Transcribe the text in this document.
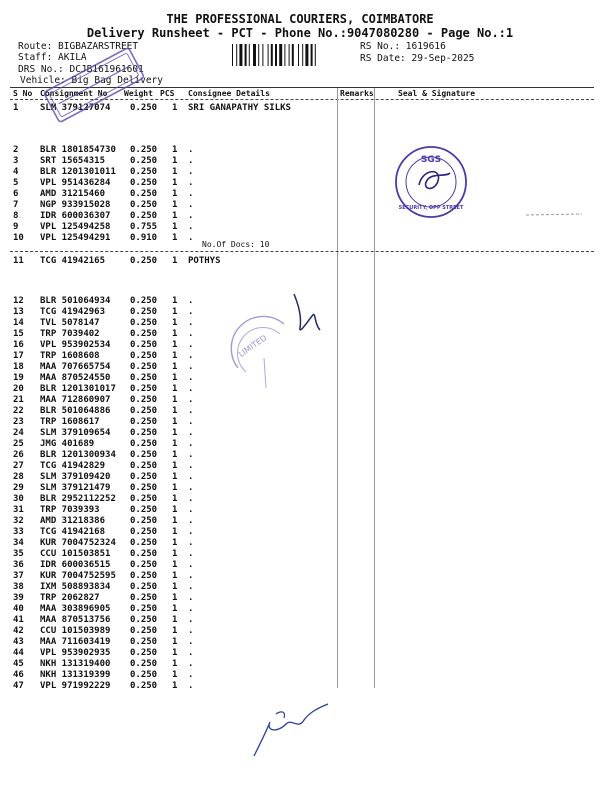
THE PROFESSIONAL COURIERS, COIMBATORE
Delivery Runsheet - PCT - Phone No.:9047080280 - Page No.:1
Route: BIGBAZARSTREET
Staff: AKILA
DRS No.: DCJB161961601
Vehicle: Big Bag Delivery
RS No.: 1619616
RS Date: 29-Sep-2025
S No Consignment No Weight PCS Consignee Details	Remarks	Seal & Signature
1 SLM 379127074 0.250 1 SRI GANAPATHY SILKS
2 BLR 1801854730 0.250 1 .
3 SRT 15654315	0.250 1 .
4 BLR 1201301011 0.250 1 .
5 VPL 951436284 0.250 1 .
6 AMD 31215460	0.250 1 .
7 NGP 933915028 0.250 1 .
8 IDR 600036307 0.250 1 .
9 VPL 125494258 0.755 1 .
10 VPL 125494291 0.910 1 .
11 TCG 41942165	0.250 1 POTHYS
12 BLR 501064934 0.250 1 .
13 TCG 41942963	0.250 1 .
14 TVL 5078147	0.250 1 .
15 TRP 7039402	0.250 1 .
16 VPL 953902534 0.250 1 .
17 TRP 1608608	0.250 1 .
18 MAA 707665754 0.250 1 .
19 MAA 870524550 0.250 1 .
20 BLR 1201301017 0.250 1 .
21 MAA 712860907 0.250 1 .
22 BLR 501064886 0.250 1 .
23 TRP 1608617	0.250 1 .
24 SLM 379109654 0.250 1 .
25 JMG 401689	0.250 1 .
26 BLR 1201300934 0.250 1 .
27 TCG 41942829	0.250 1 .
28 SLM 379109420 0.250 1 .
29 SLM 379121479 0.250 1 .
30 BLR 2952112252 0.250 1 .
31 TRP 7039393	0.250 1 .
32 AMD 31218386	0.250 1 .
33 TCG 41942168	0.250 1 .
34 KUR 7004752324 0.250 1 .
35 CCU 101503851 0.250 1 .
36 IDR 600036515 0.250 1 .
37 KUR 7004752595 0.250 1 .
38 IXM 508893834 0.250 1 .
39 TRP 2062827	0.250 1 .
40 MAA 303896905 0.250 1 .
41 MAA 870513756 0.250 1 .
42 CCU 101503989 0.250 1 .
43 MAA 711603419 0.250 1 .
44 VPL 953902935 0.250 1 .
45 NKH 131319400 0.250 1 .
46 NKH 131319399 0.250 1 .
47 VPL 971992229 0.250 1 .
No.Of Docs: 10
SGS
SECURITY, OPP STREET
LIMITED
